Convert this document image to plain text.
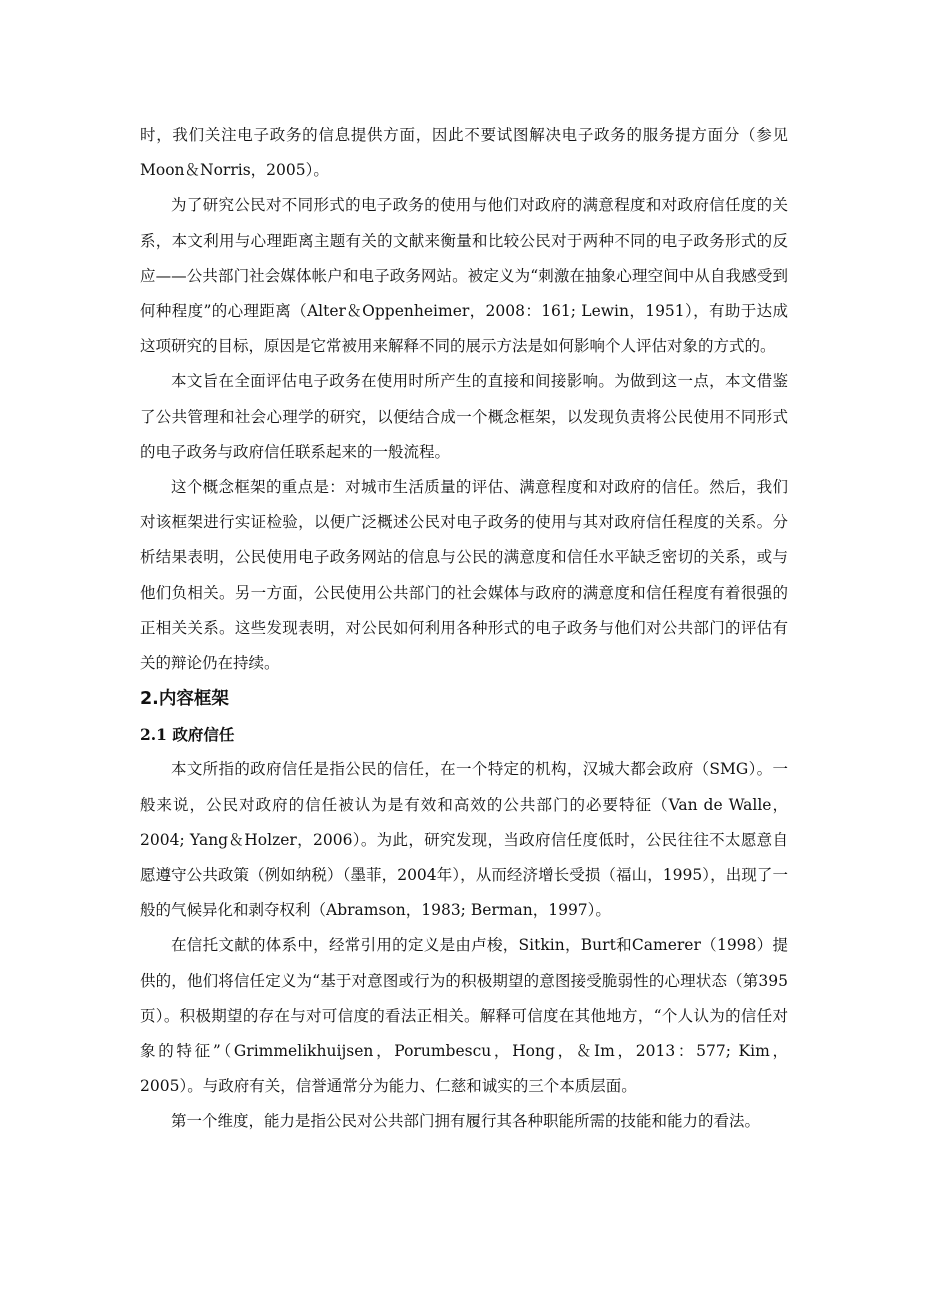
时，我们关注电子政务的信息提供方面，因此不要试图解决电子政务的服务提方面分（参见Moon＆Norris，2005）。

为了研究公民对不同形式的电子政务的使用与他们对政府的满意程度和对政府信任度的关系，本文利用与心理距离主题有关的文献来衡量和比较公民对于两种不同的电子政务形式的反应——公共部门社会媒体帐户和电子政务网站。被定义为“刺激在抽象心理空间中从自我感受到何种程度”的心理距离（Alter＆Oppenheimer，2008：161; Lewin，1951），有助于达成这项研究的目标，原因是它常被用来解释不同的展示方法是如何影响个人评估对象的方式的。

本文旨在全面评估电子政务在使用时所产生的直接和间接影响。为做到这一点，本文借鉴了公共管理和社会心理学的研究，以便结合成一个概念框架，以发现负责将公民使用不同形式的电子政务与政府信任联系起来的一般流程。

这个概念框架的重点是：对城市生活质量的评估、满意程度和对政府的信任。然后，我们对该框架进行实证检验，以便广泛概述公民对电子政务的使用与其对政府信任程度的关系。分析结果表明，公民使用电子政务网站的信息与公民的满意度和信任水平缺乏密切的关系，或与他们负相关。另一方面，公民使用公共部门的社会媒体与政府的满意度和信任程度有着很强的正相关关系。这些发现表明，对公民如何利用各种形式的电子政务与他们对公共部门的评估有关的辩论仍在持续。

2.内容框架
2.1 政府信任

本文所指的政府信任是指公民的信任，在一个特定的机构，汉城大都会政府（SMG）。一般来说，公民对政府的信任被认为是有效和高效的公共部门的必要特征（Van de Walle，2004; Yang＆Holzer，2006）。为此，研究发现，当政府信任度低时，公民往往不太愿意自愿遵守公共政策（例如纳税）（墨菲，2004年），从而经济增长受损（福山，1995），出现了一般的气候异化和剥夺权利（Abramson，1983; Berman，1997）。

在信托文献的体系中，经常引用的定义是由卢梭，Sitkin，Burt和Camerer（1998）提供的，他们将信任定义为“基于对意图或行为的积极期望的意图接受脆弱性的心理状态（第395页）。积极期望的存在与对可信度的看法正相关。解释可信度在其他地方，“个人认为的信任对象的特征”（Grimmelikhuijsen，Porumbescu，Hong，＆Im，2013：577; Kim，2005）。与政府有关，信誉通常分为能力、仁慈和诚实的三个本质层面。

第一个维度，能力是指公民对公共部门拥有履行其各种职能所需的技能和能力的看法。
